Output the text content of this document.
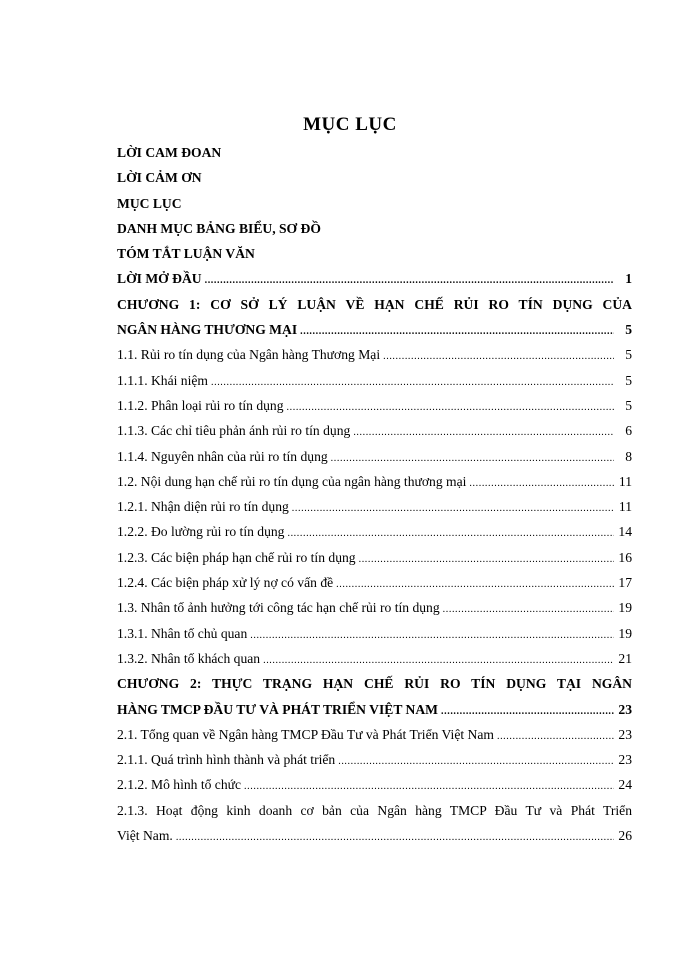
MỤC LỤC
LỜI CAM ĐOAN
LỜI CẢM ƠN
MỤC LỤC
DANH MỤC BẢNG BIỂU, SƠ ĐỒ
TÓM TẮT LUẬN VĂN
LỜI MỞ ĐẦU .....	1
CHƯƠNG 1: CƠ SỞ LÝ LUẬN VỀ HẠN CHẾ RỦI RO TÍN DỤNG CỦA
NGÂN HÀNG THƯƠNG MẠI .....	5
1.1. Rủi ro tín dụng của Ngân hàng Thương Mại .....	5
1.1.1. Khái niệm .....	5
1.1.2. Phân loại rủi ro tín dụng .....	5
1.1.3. Các chỉ tiêu phản ánh rủi ro tín dụng .....	6
1.1.4. Nguyên nhân của rủi ro tín dụng .....	8
1.2. Nội dung hạn chế rủi ro tín dụng của ngân hàng thương mại .....	11
1.2.1. Nhận diện rủi ro tín dụng .....	11
1.2.2. Đo lường rủi ro tín dụng .....	14
1.2.3. Các biện pháp hạn chế rủi ro tín dụng .....	16
1.2.4. Các biện pháp xử lý nợ có vấn đề .....	17
1.3. Nhân tố ảnh hưởng tới công tác hạn chế rủi ro tín dụng .....	19
1.3.1. Nhân tố chủ quan .....	19
1.3.2. Nhân tố khách quan .....	21
CHƯƠNG 2: THỰC TRẠNG HẠN CHẾ RỦI RO TÍN DỤNG TẠI NGÂN
HÀNG TMCP ĐẦU TƯ VÀ PHÁT TRIỂN VIỆT NAM .....	23
2.1. Tổng quan về Ngân hàng TMCP Đầu Tư và Phát Triển Việt Nam .....	23
2.1.1. Quá trình hình thành và phát triển .....	23
2.1.2. Mô hình tổ chức .....	24
2.1.3. Hoạt động kinh doanh cơ bản của Ngân hàng TMCP Đầu Tư và Phát Triển
Việt Nam. .....	26
